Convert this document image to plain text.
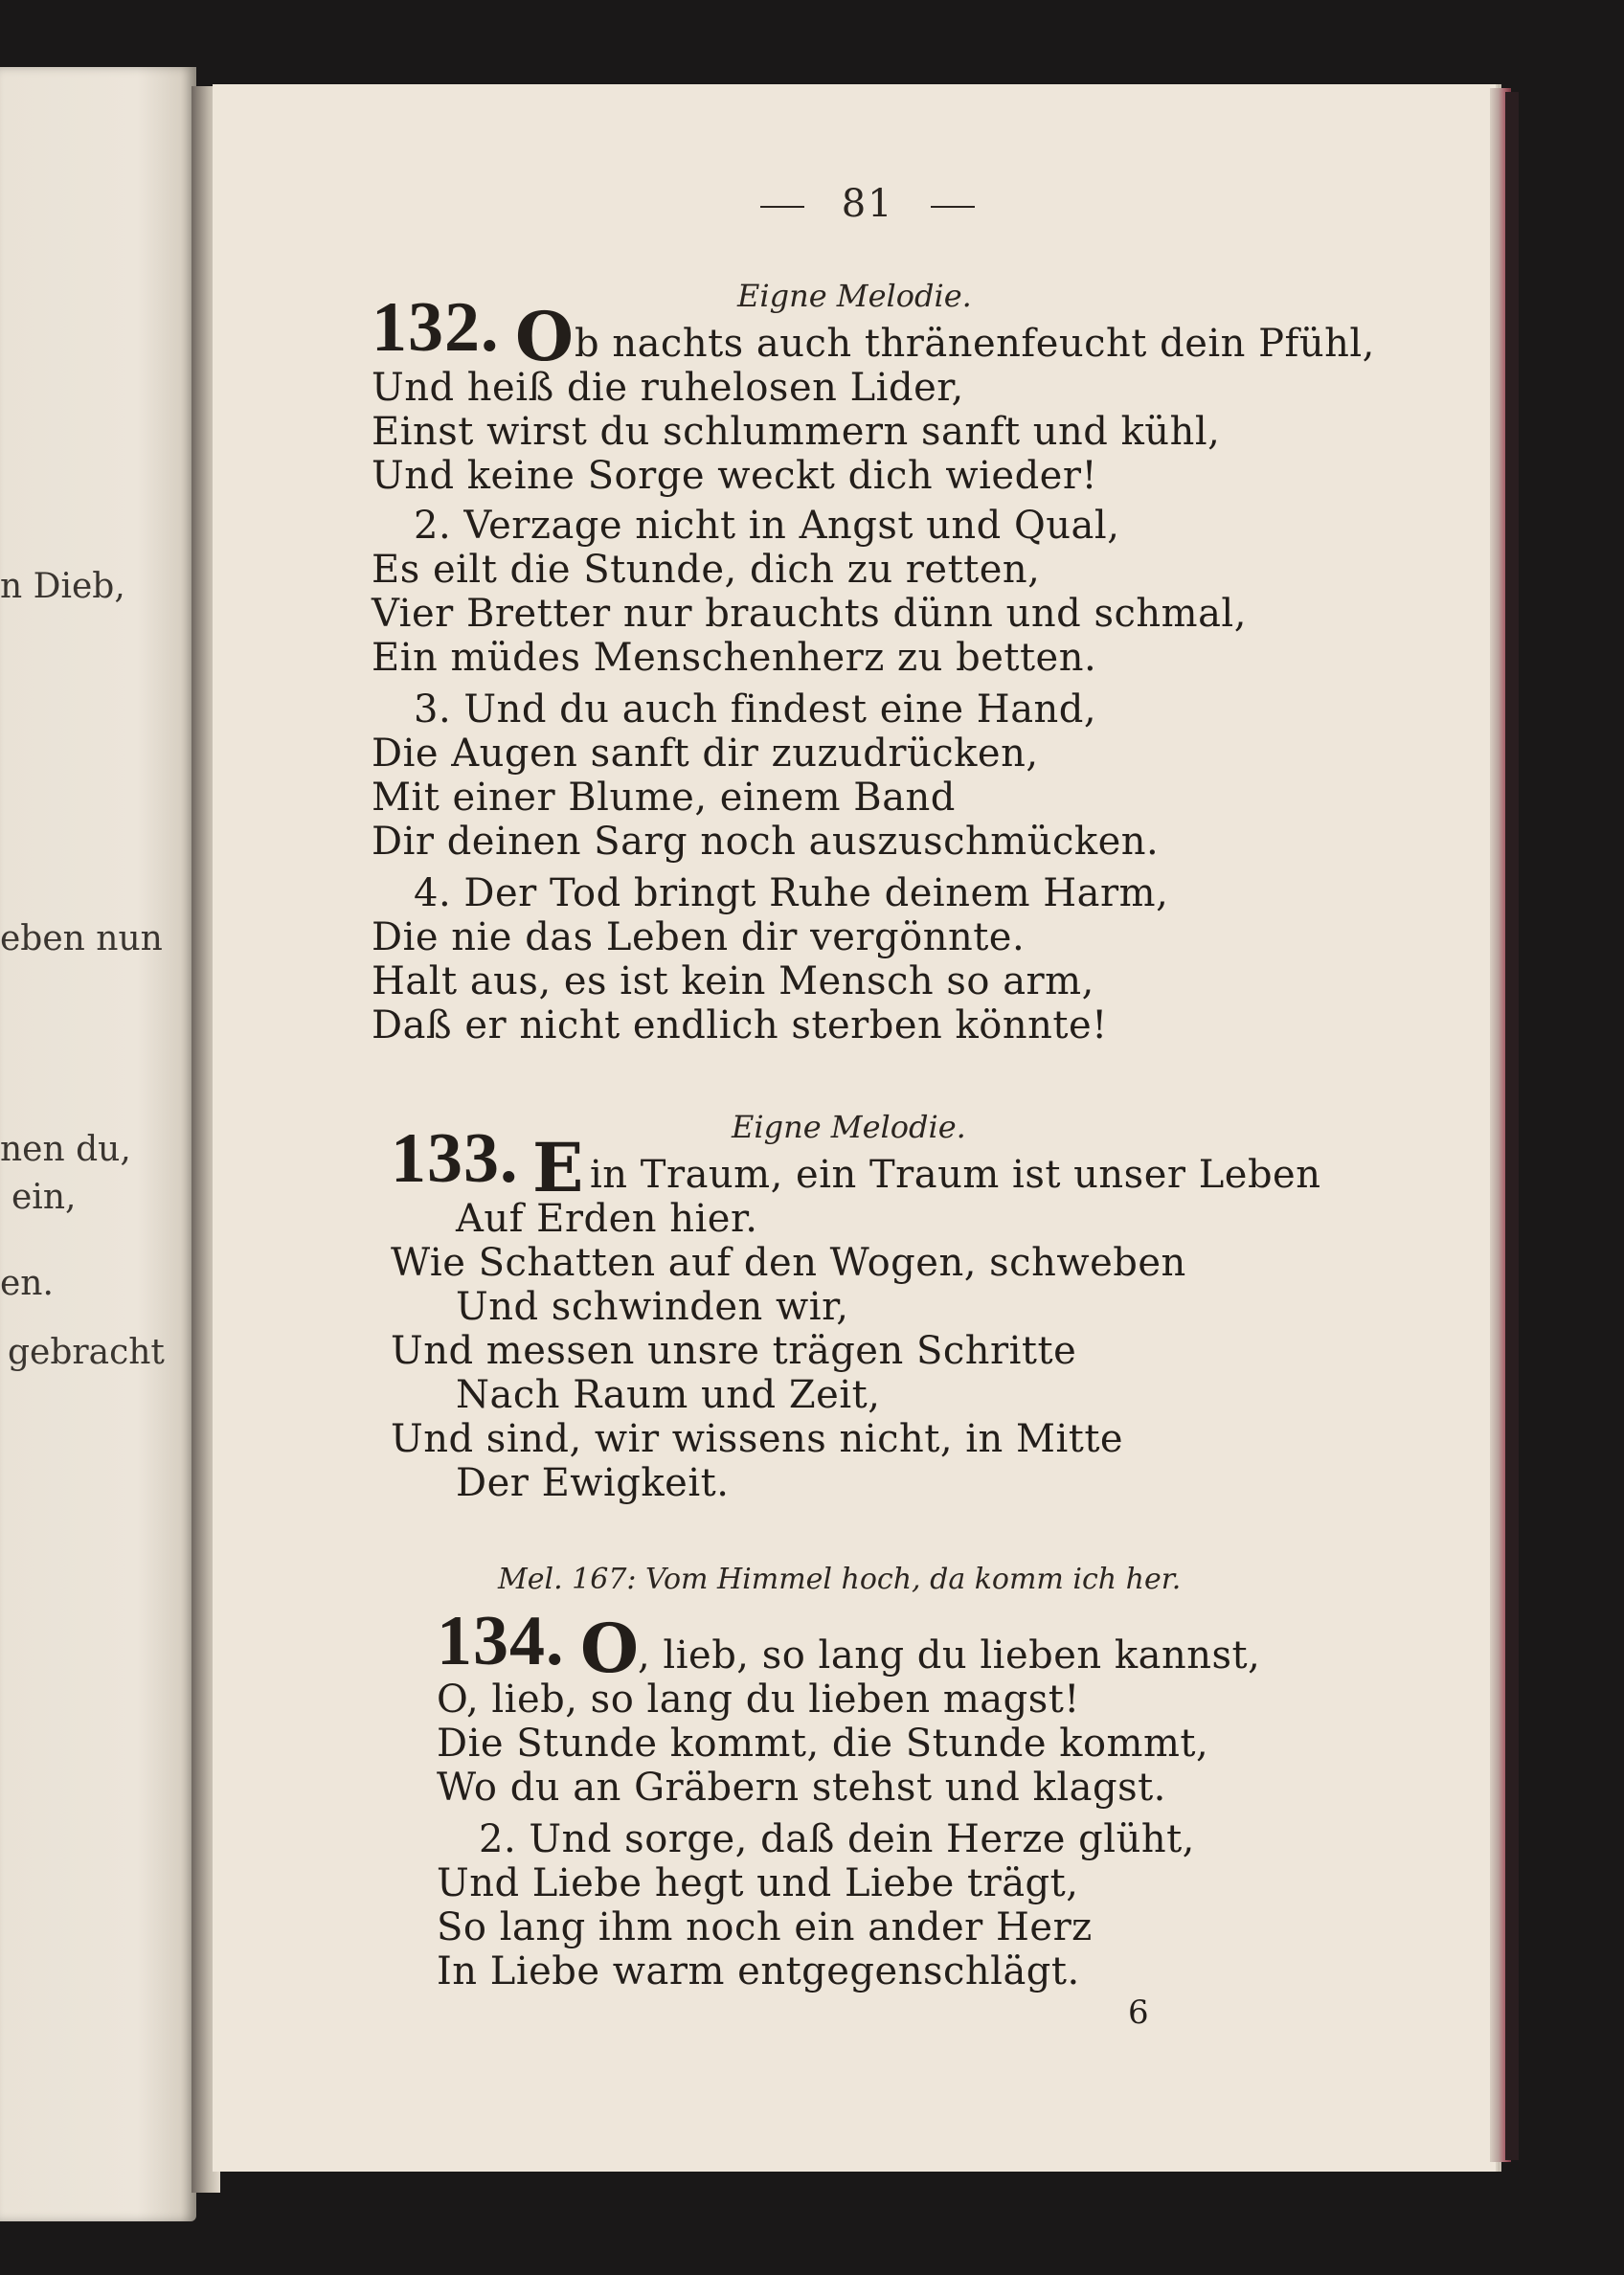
n Dieb,
eben nun
nen du,
ein,
en.
gebracht
81
Eigne Melodie.
132. O b nachts auch thränenfeucht dein Pfühl,
Und heiß die ruhelosen Lider,
Einst wirst du schlummern sanft und kühl,
Und keine Sorge weckt dich wieder!
2. Verzage nicht in Angst und Qual,
Es eilt die Stunde, dich zu retten,
Vier Bretter nur brauchts dünn und schmal,
Ein müdes Menschenherz zu betten.
3. Und du auch findest eine Hand,
Die Augen sanft dir zuzudrücken,
Mit einer Blume, einem Band
Dir deinen Sarg noch auszuschmücken.
4. Der Tod bringt Ruhe deinem Harm,
Die nie das Leben dir vergönnte.
Halt aus, es ist kein Mensch so arm,
Daß er nicht endlich sterben könnte!
Eigne Melodie.
133. E in Traum, ein Traum ist unser Leben
Auf Erden hier.
Wie Schatten auf den Wogen, schweben
Und schwinden wir,
Und messen unsre trägen Schritte
Nach Raum und Zeit,
Und sind, wir wissens nicht, in Mitte
Der Ewigkeit.
Mel. 167: Vom Himmel hoch, da komm ich her.
134. O , lieb, so lang du lieben kannst,
O, lieb, so lang du lieben magst!
Die Stunde kommt, die Stunde kommt,
Wo du an Gräbern stehst und klagst.
2. Und sorge, daß dein Herze glüht,
Und Liebe hegt und Liebe trägt,
So lang ihm noch ein ander Herz
In Liebe warm entgegenschlägt.
6
